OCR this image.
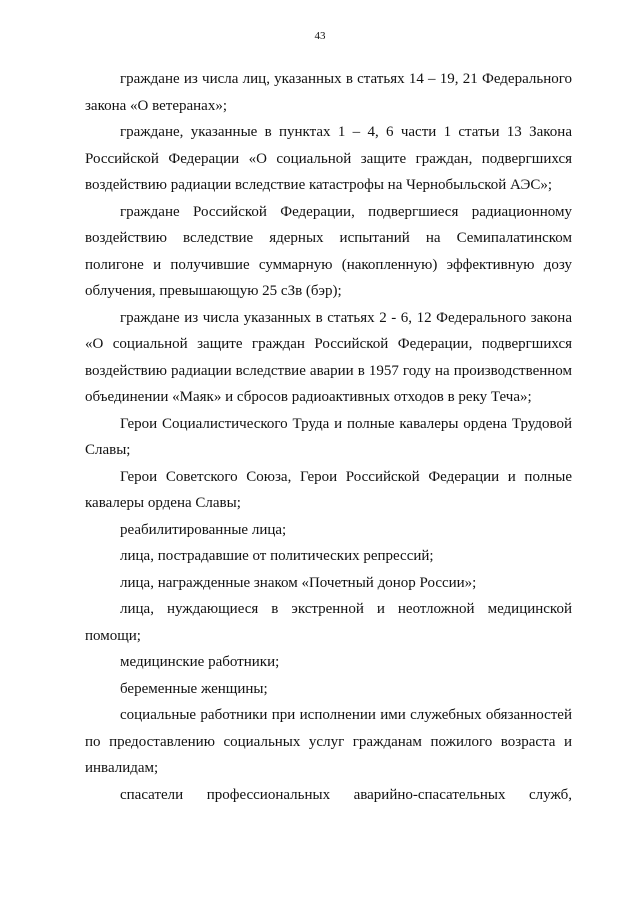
43

граждане из числа лиц, указанных в статьях 14 – 19, 21 Федерального закона «О ветеранах»;

граждане, указанные в пунктах 1 – 4, 6 части 1 статьи 13 Закона Российской Федерации «О социальной защите граждан, подвергшихся воздействию радиации вследствие катастрофы на Чернобыльской АЭС»;

граждане Российской Федерации, подвергшиеся радиационному воздействию вследствие ядерных испытаний на Семипалатинском полигоне и получившие суммарную (накопленную) эффективную дозу облучения, превышающую 25 сЗв (бэр);

граждане из числа указанных в статьях 2 - 6, 12 Федерального закона «О социальной защите граждан Российской Федерации, подвергшихся воздействию радиации вследствие аварии в 1957 году на производственном объединении «Маяк» и сбросов радиоактивных отходов в реку Теча»;

Герои Социалистического Труда и полные кавалеры ордена Трудовой Славы;

Герои Советского Союза, Герои Российской Федерации и полные кавалеры ордена Славы;

реабилитированные лица;

лица, пострадавшие от политических репрессий;

лица, награжденные знаком «Почетный донор России»;

лица, нуждающиеся в экстренной и неотложной медицинской помощи;

медицинские работники;

беременные женщины;

социальные работники при исполнении ими служебных обязанностей по предоставлению социальных услуг гражданам пожилого возраста и инвалидам;

спасатели профессиональных аварийно-спасательных служб,
